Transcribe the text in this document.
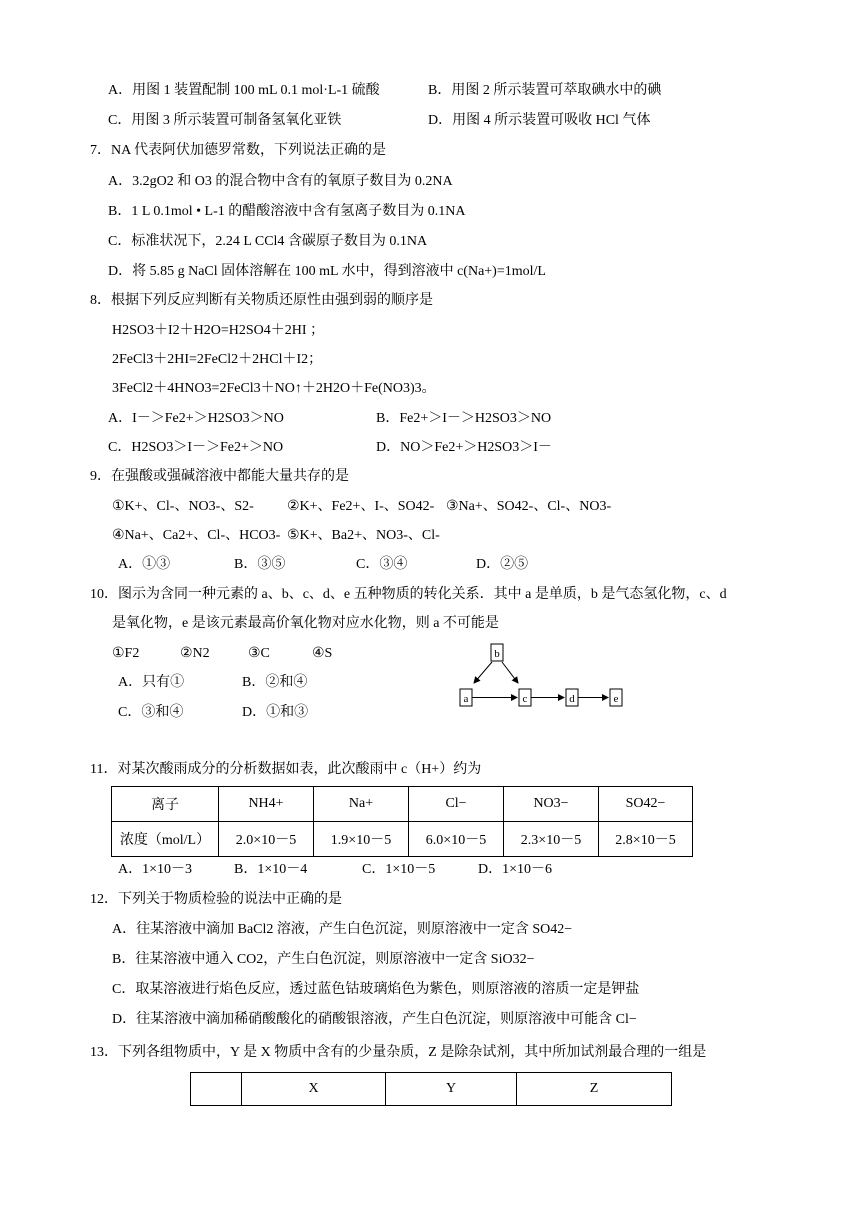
A．用图 1 装置配制 100 mL 0.1 mol·L-1 硫酸	B．用图 2 所示装置可萃取碘水中的碘
C．用图 3 所示装置可制备氢氧化亚铁	D．用图 4 所示装置可吸收 HCl 气体
7．NA 代表阿伏加德罗常数，下列说法正确的是
A．3.2gO2 和 O3 的混合物中含有的氧原子数目为 0.2NA
B．1 L 0.1mol • L-1 的醋酸溶液中含有氢离子数目为 0.1NA
C．标准状况下，2.24 L CCl4 含碳原子数目为 0.1NA
D．将 5.85 g NaCl 固体溶解在 100 mL 水中，得到溶液中 c(Na+)=1mol/L
8．根据下列反应判断有关物质还原性由强到弱的顺序是
H2SO3＋I2＋H2O=H2SO4＋2HI ；
2FeCl3＋2HI=2FeCl2＋2HCl＋I2；
3FeCl2＋4HNO3=2FeCl3＋NO↑＋2H2O＋Fe(NO3)3。
A．I－＞Fe2+＞H2SO3＞NO	B．Fe2+＞I－＞H2SO3＞NO
C．H2SO3＞I－＞Fe2+＞NO	D．NO＞Fe2+＞H2SO3＞I－
9．在强酸或强碱溶液中都能大量共存的是
①K+、Cl-、NO3-、S2- ②K+、Fe2+、I-、SO42- ③Na+、SO42-、Cl-、NO3-
④Na+、Ca2+、Cl-、HCO3- ⑤K+、Ba2+、NO3-、Cl-
A．①③	B．③⑤	C．③④	D．②⑤
10．图示为含同一种元素的 a、b、c、d、e 五种物质的转化关系．其中 a 是单质，b 是气态氢化物，c、d
是氧化物，e 是该元素最高价氧化物对应水化物，则 a 不可能是
①F2	②N2	③C	④S
A．只有①	B．②和④
C．③和④	D．①和③
b
a	c	d	e
11．对某次酸雨成分的分析数据如表，此次酸雨中 c（H+）约为
离子	NH4+	Na+	Cl−	NO3−	SO42−
浓度（mol/L）	2.0×10－5	1.9×10－5	6.0×10－5	2.3×10－5	2.8×10－5
A．1×10－3	B．1×10－4	C．1×10－5	D．1×10－6
12．下列关于物质检验的说法中正确的是
A．往某溶液中滴加 BaCl2 溶液，产生白色沉淀，则原溶液中一定含 SO42−
B．往某溶液中通入 CO2，产生白色沉淀，则原溶液中一定含 SiO32−
C．取某溶液进行焰色反应，透过蓝色钴玻璃焰色为紫色，则原溶液的溶质一定是钾盐
D．往某溶液中滴加稀硝酸酸化的硝酸银溶液，产生白色沉淀，则原溶液中可能含 Cl−
13．下列各组物质中，Y 是 X 物质中含有的少量杂质，Z 是除杂试剂，其中所加试剂最合理的一组是
	X	Y	Z
